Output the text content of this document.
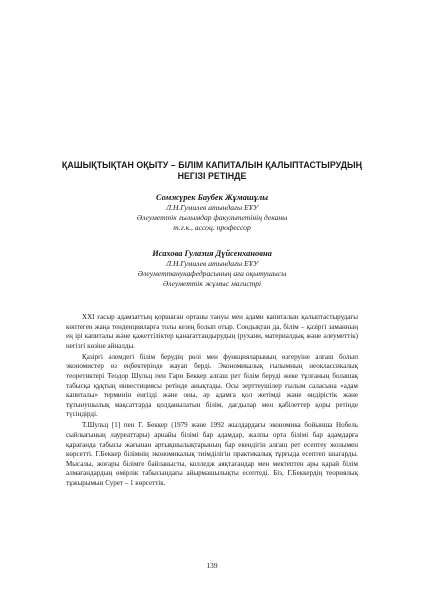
ҚАШЫҚТЫҚТАН ОҚЫТУ – БІЛІМ КАПИТАЛЫН ҚАЛЫПТАСТЫРУДЫҢ
НЕГІЗІ РЕТІНДЕ
Сомжүрек Баубек Жұмашұлы
Л.Н.Гумилев атындағы ЕҰУ
Әлеуметтік ғылымдар факультетінің деканы
т.ғ.к., ассоц. профессор
Исахова Гулазия Дүйсенхановна
Л.Н.Гумилев атындағы ЕҰУ
Әлеуметтанукафедрасының аға оқытушысы
Әлеуметтік жұмыс магистрі

XXI ғасыр адамзаттың қоршаған ортаны тануы мен адами капиталын қалыптастырудағы көптеген жаңа тенденцияларға толы кезең болып отыр. Сондықтан да, білім – қазіргі заманның ең ірі капиталы және қажеттіліктер қанағаттандырудың (рухани, материалдық және әлеуметтік) негізгі көзіне айналды.

Қазіргі әлемдегі білім берудің рөлі мен функцияларының өзгеруіне алғаш болып экономистер өз еңбектерінде жауап берді. Экономикалық ғылымның неоклассикалық теоретиктері Теодор Шульц пен Гари Беккер алғаш рет білім беруді жеке тұлғаның болашақ табысқа құқтың инвестициясы ретінде анықтады. Осы зерттеушілер ғылым саласына «адам капиталы» терминін енгізді және оны, әр адамға қол жетімді және өндірістік және тұтынушылық мақсаттарда қолданылатын білім, дағдылар мен қабілеттер қоры ретінде түсіндірді.

Т.Шульц [1] пен Г. Беккер (1979 және 1992 жылдардағы экономика бойынша Нобель сыйлығының лауреаттары) арнайы білімі бар адамдар, жалпы орта білімі бар адамдарға қарағанда табысы жағынан артықшылықтарының бар екендігін алғаш рет есептеу жолымен көрсетті. Г.Беккер білімнің экономикалық тиімділігін практикалық тұрғыда есептеп шығарды. Мысалы, жоғары білімге байланысты, колледж аяқтағандар мен мектептен ары қарай білім алмағандардың өмірлік табысындағы айырмашылықты есептеді. Біз, Г.Беккердің теориялық тұжырымын Сурет – 1 көрсеттік.

139
